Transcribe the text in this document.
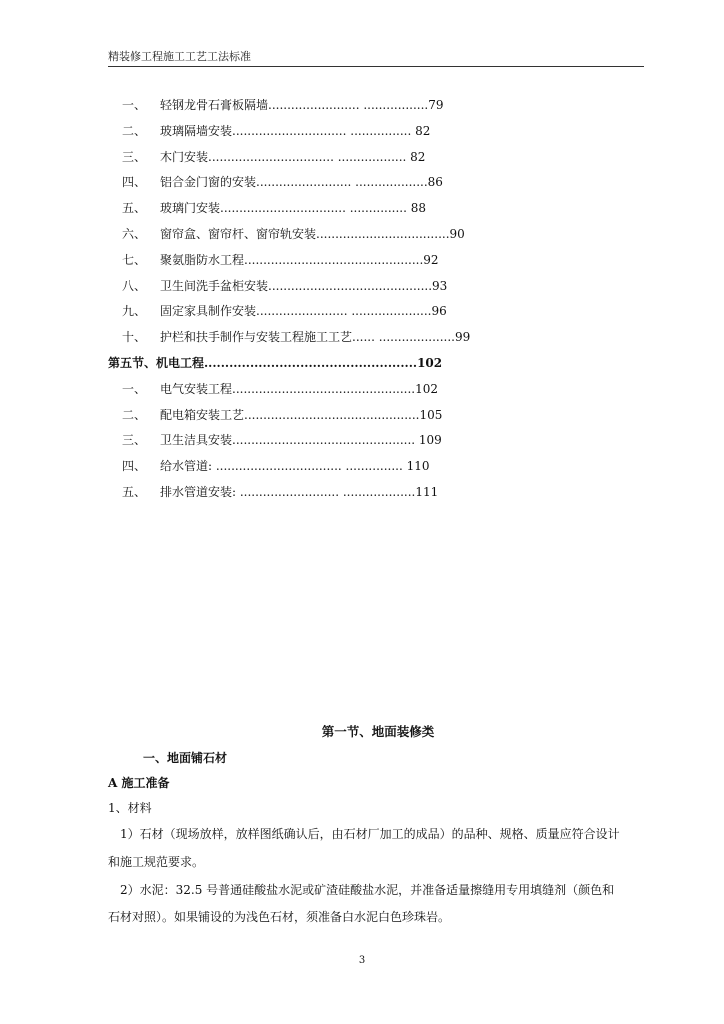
精装修工程施工工艺工法标准
一、 轻钢龙骨石膏板隔墙........................ .................79
二、 玻璃隔墙安装.............................. ................ 82
三、 木门安装................................. .................. 82
四、 铝合金门窗的安装......................... ...................86
五、 玻璃门安装................................. ............... 88
六、 窗帘盒、窗帘杆、窗帘轨安装...................................90
七、 聚氨脂防水工程...............................................92
八、 卫生间洗手盆柜安装...........................................93
九、 固定家具制作安装........................ .....................96
十、 护栏和扶手制作与安装工程施工工艺...... ....................99
第五节、机电工程...................................................102
一、 电气安装工程................................................102
二、 配电箱安装工艺..............................................105
三、 卫生洁具安装................................................ 109
四、 给水管道: ................................. ............... 110
五、 排水管道安装: .......................... ...................111
第一节、地面装修类
一、地面铺石材
A 施工准备
1、材料
1）石材（现场放样，放样图纸确认后，由石材厂加工的成品）的品种、规格、质量应符合设计
和施工规范要求。
2）水泥：32.5 号普通硅酸盐水泥或矿渣硅酸盐水泥，并准备适量擦缝用专用填缝剂（颜色和
石材对照）。如果铺设的为浅色石材，须准备白水泥白色珍珠岩。
3
